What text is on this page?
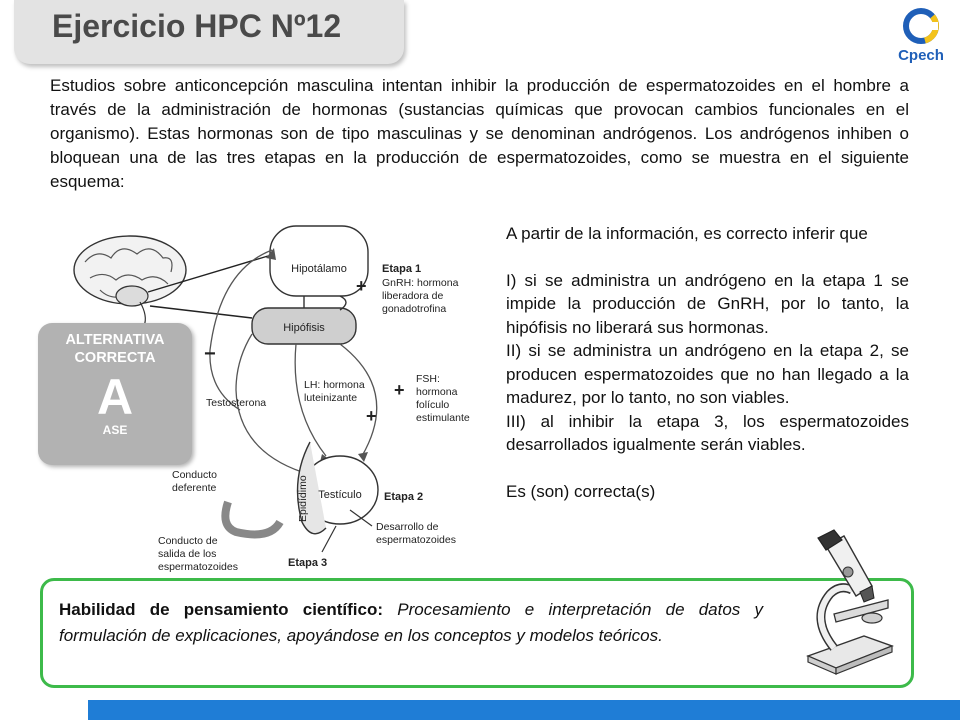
Ejercicio HPC Nº12
Cpech

Estudios sobre anticoncepción masculina intentan inhibir la producción de espermatozoides en el hombre a través de la administración de hormonas (sustancias químicas que provocan cambios funcionales en el organismo). Estas hormonas son de tipo masculinas y se denominan andrógenos. Los andrógenos inhiben o bloquean una de las tres etapas en la producción de espermatozoides, como se muestra en el siguiente esquema:

Hipotálamo
Hipófisis
Etapa 1
GnRH: hormona
liberadora de
gonadotrofina
+
−
Testosterona
LH: hormona
luteinizante
+
+
FSH:
hormona
folículo
estimulante
Epidídimo Testículo
Conducto
deferente
Etapa 2
Desarrollo de
espermatozoides
Conducto de
salida de los
espermatozoides	Etapa 3

A partir de la información, es correcto inferir que

I) si se administra un andrógeno en la etapa 1 se impide la producción de GnRH, por lo tanto, la hipófisis no liberará sus hormonas.

II) si se administra un andrógeno en la etapa 2, se producen espermatozoides que no han llegado a la madurez, por lo tanto, no son viables.

III) al inhibir la etapa 3, los espermatozoides desarrollados igualmente serán viables.

Es (son) correcta(s)

ALTERNATIVA CORRECTA
A
ASE
Habilidad de pensamiento científico: Procesamiento e interpretación de datos y formulación de explicaciones, apoyándose en los conceptos y modelos teóricos.
